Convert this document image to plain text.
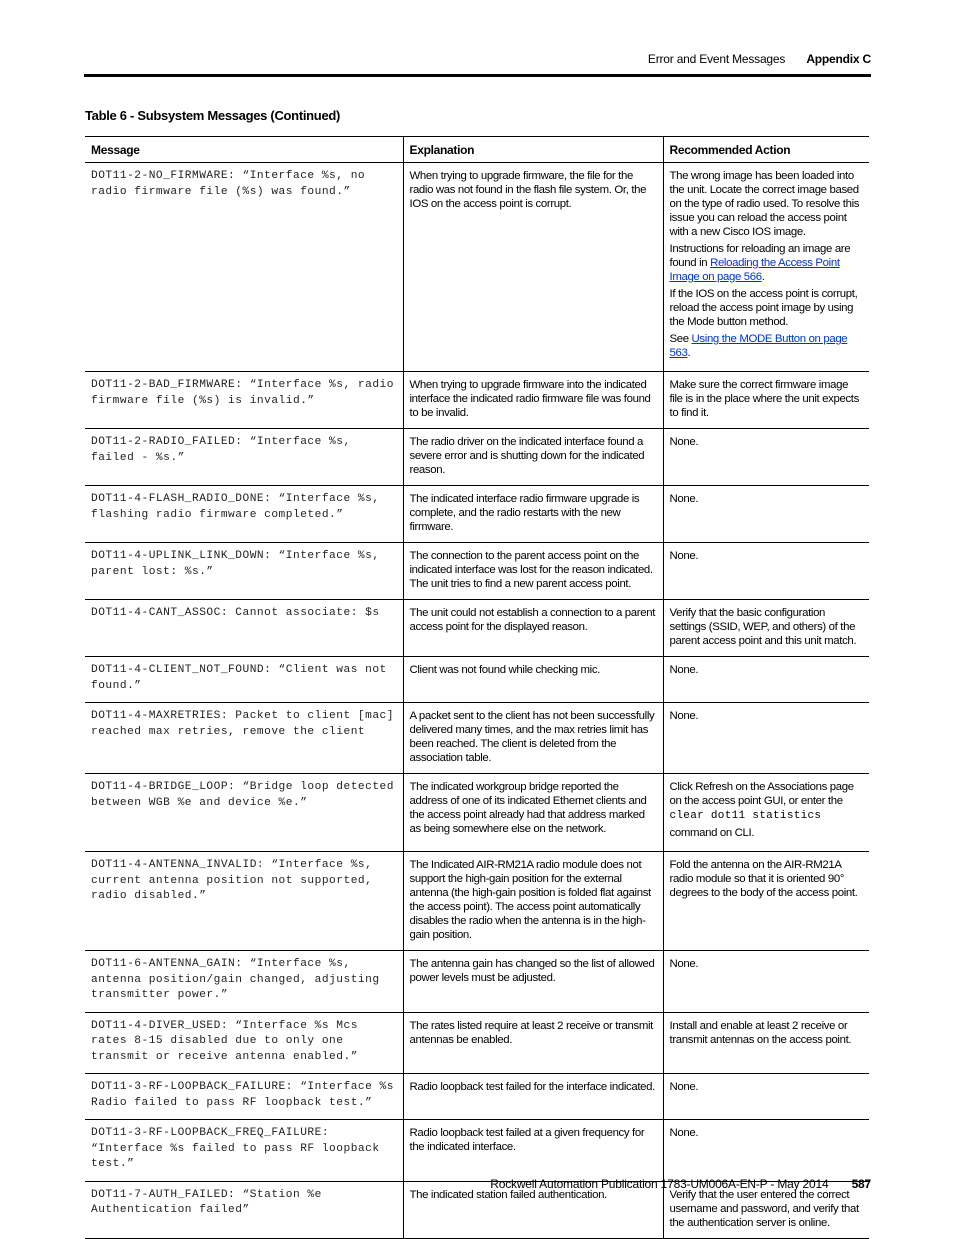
Error and Event Messages Appendix C
Table 6 - Subsystem Messages (Continued)
Message	Explanation	Recommended Action
DOT11-2-NO_FIRMWARE: “Interface %s, no radio firmware file (%s) was found.”	When trying to upgrade firmware, the file for the radio was not found in the flash file system. Or, the IOS on the access point is corrupt.	The wrong image has been loaded into the unit. Locate the correct image based on the type of radio used. To resolve this issue you can reload the access point with a new Cisco IOS image.

Instructions for reloading an image are found in Reloading the Access Point Image on page 566.

If the IOS on the access point is corrupt, reload the access point image by using the Mode button method.

See Using the MODE Button on page 563.

DOT11-2-BAD_FIRMWARE: “Interface %s, radio firmware file (%s) is invalid.”	When trying to upgrade firmware into the indicated interface the indicated radio firmware file was found to be invalid.	Make sure the correct firmware image file is in the place where the unit expects to find it.
DOT11-2-RADIO_FAILED: “Interface %s, failed - %s.”	The radio driver on the indicated interface found a severe error and is shutting down for the indicated reason.	None.
DOT11-4-FLASH_RADIO_DONE: “Interface %s, flashing radio firmware completed.”	The indicated interface radio firmware upgrade is complete, and the radio restarts with the new firmware.	None.
DOT11-4-UPLINK_LINK_DOWN: “Interface %s, parent lost: %s.”	The connection to the parent access point on the indicated interface was lost for the reason indicated. The unit tries to find a new parent access point.	None.
DOT11-4-CANT_ASSOC: Cannot associate: $s	The unit could not establish a connection to a parent access point for the displayed reason.	Verify that the basic configuration settings (SSID, WEP, and others) of the parent access point and this unit match.
DOT11-4-CLIENT_NOT_FOUND: “Client was not found.”	Client was not found while checking mic.	None.
DOT11-4-MAXRETRIES: Packet to client [mac] reached max retries, remove the client	A packet sent to the client has not been successfully delivered many times, and the max retries limit has been reached. The client is deleted from the association table.	None.
DOT11-4-BRIDGE_LOOP: “Bridge loop detected between WGB %e and device %e.”	The indicated workgroup bridge reported the address of one of its indicated Ethernet clients and the access point already had that address marked as being somewhere else on the network.	Click Refresh on the Associations page on the access point GUI, or enter the clear dot11 statistics

command on CLI.

DOT11-4-ANTENNA_INVALID: “Interface %s, current antenna position not supported, radio disabled.”	The Indicated AIR-RM21A radio module does not support the high-gain position for the external antenna (the high-gain position is folded flat against the access point). The access point automatically disables the radio when the antenna is in the high-gain position.	Fold the antenna on the AIR-RM21A radio module so that it is oriented 90° degrees to the body of the access point.
DOT11-6-ANTENNA_GAIN: “Interface %s, antenna position/gain changed, adjusting transmitter power.”	The antenna gain has changed so the list of allowed power levels must be adjusted.	None.
DOT11-4-DIVER_USED: “Interface %s Mcs rates 8-15 disabled due to only one transmit or receive antenna enabled.”	The rates listed require at least 2 receive or transmit antennas be enabled.	Install and enable at least 2 receive or transmit antennas on the access point.
DOT11-3-RF-LOOPBACK_FAILURE: “Interface %s Radio failed to pass RF loopback test.”	Radio loopback test failed for the interface indicated.	None.
DOT11-3-RF-LOOPBACK_FREQ_FAILURE: “Interface %s failed to pass RF loopback test.”	Radio loopback test failed at a given frequency for the indicated interface.	None.
DOT11-7-AUTH_FAILED: “Station %e Authentication failed”	The indicated station failed authentication.	Verify that the user entered the correct username and password, and verify that the authentication server is online.
Rockwell Automation Publication 1783-UM006A-EN-P - May 2014 587
